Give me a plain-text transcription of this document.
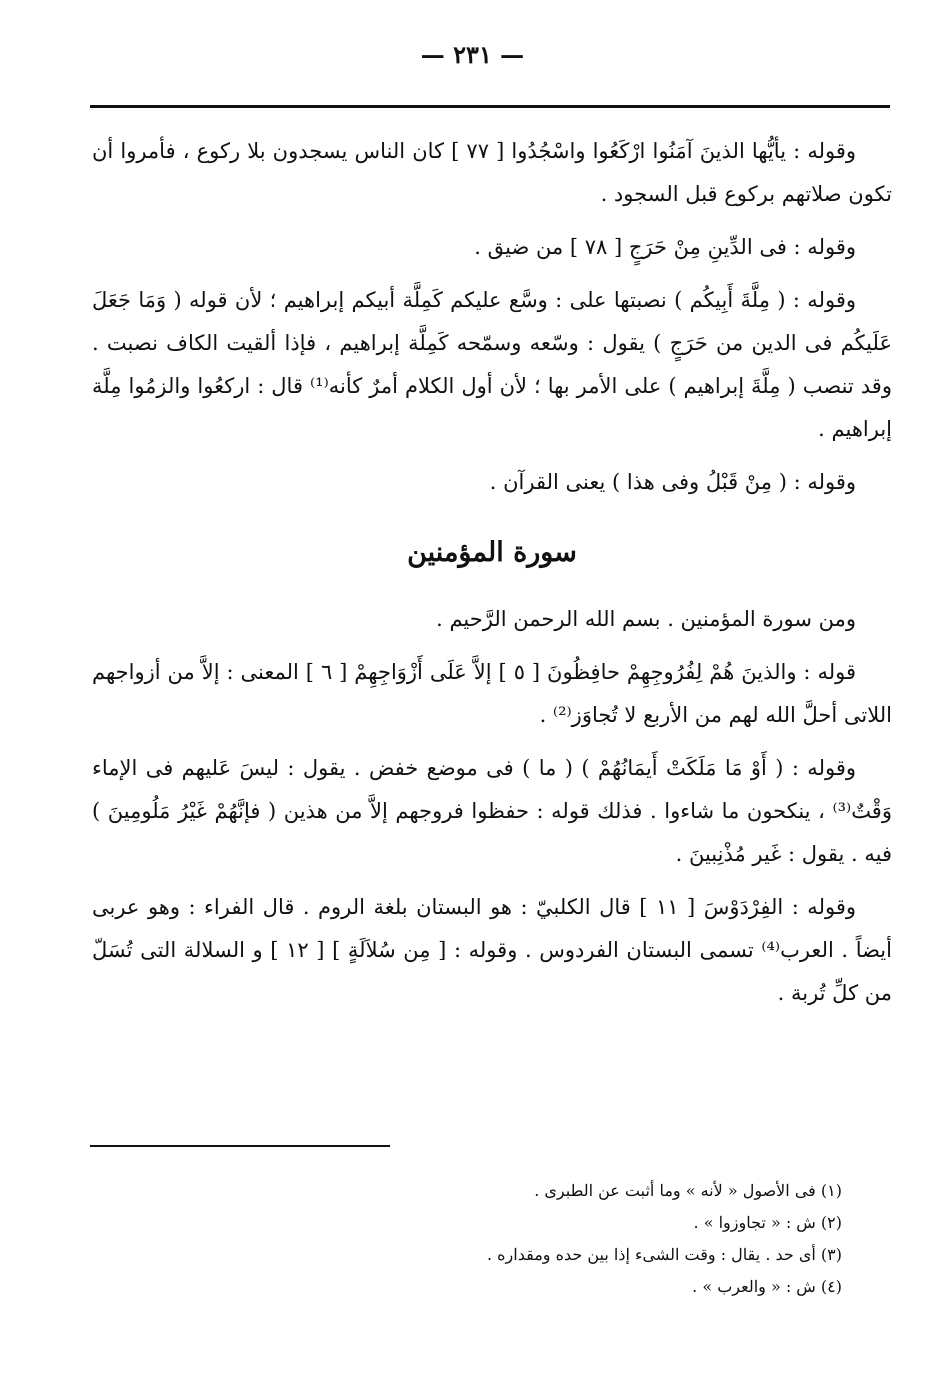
— ٢٣١ —

وقوله : يأيُّها الذينَ آمَنُوا ارْكَعُوا واسْجُدُوا [ ٧٧ ] كان الناس يسجدون بلا ركوع ، فأمروا أن تكون صلاتهم بركوع قبل السجود .

وقوله : فى الدِّينِ مِنْ حَرَجٍ [ ٧٨ ] من ضيق .

وقوله : ( مِلَّةَ أَبِيكُم ) نصبتها على : وسَّع عليكم كَمِلَّة أبيكم إبراهيم ؛ لأن قوله ( وَمَا جَعَلَ عَلَيكُم فى الدين من حَرَجٍ ) يقول : وسّعه وسمّحه كَمِلَّة إبراهيم ، فإذا ألقيت الكاف نصبت . وقد تنصب ( مِلَّةَ إبراهيم ) على الأمر بها ؛ لأن أول الكلام أمرٌ كأنه⁽¹⁾ قال : اركعُوا والزمُوا مِلَّة إبراهيم .

وقوله : ( مِنْ قَبْلُ وفى هذا ) يعنى القرآن .

سورة المؤمنين

ومن سورة المؤمنين . بسم الله الرحمن الرَّحيم .

قوله : والذينَ هُمْ لِفُرُوجِهِمْ حافِظُونَ [ ٥ ] إلاَّ عَلَى أَزْوَاجِهِمْ [ ٦ ] المعنى : إلاَّ من أزواجهم اللاتى أحلَّ الله لهم من الأربع لا تُجاوَز⁽²⁾ .

وقوله : ( أَوْ مَا مَلَكَتْ أَيمَانُهُمْ ) ( ما ) فى موضع خفض . يقول : ليسَ عَليهم فى الإماء وَقْتٌ⁽³⁾ ، ينكحون ما شاءوا . فذلك قوله : حفظوا فروجهم إلاَّ من هذين ( فإنَّهُمْ غَيْرُ مَلُومِينَ ) فيه . يقول : غَير مُذْنِبينَ .

وقوله : الفِرْدَوْسَ [ ١١ ] قال الكلبيّ : هو البستان بلغة الروم . قال الفراء : وهو عربى أيضاً . العرب⁽⁴⁾ تسمى البستان الفردوس . وقوله : [ مِن سُلاَلَةٍ ] [ ١٢ ] و السلالة التى تُسَلّ من كلِّ تُربة .

(١) فى الأصول « لأنه » وما أثبت عن الطبرى .
(٢) ش : « تجاوزوا » .
(٣) أى حد . يقال : وقت الشىء إذا بين حده ومقداره .
(٤) ش : « والعرب » .
